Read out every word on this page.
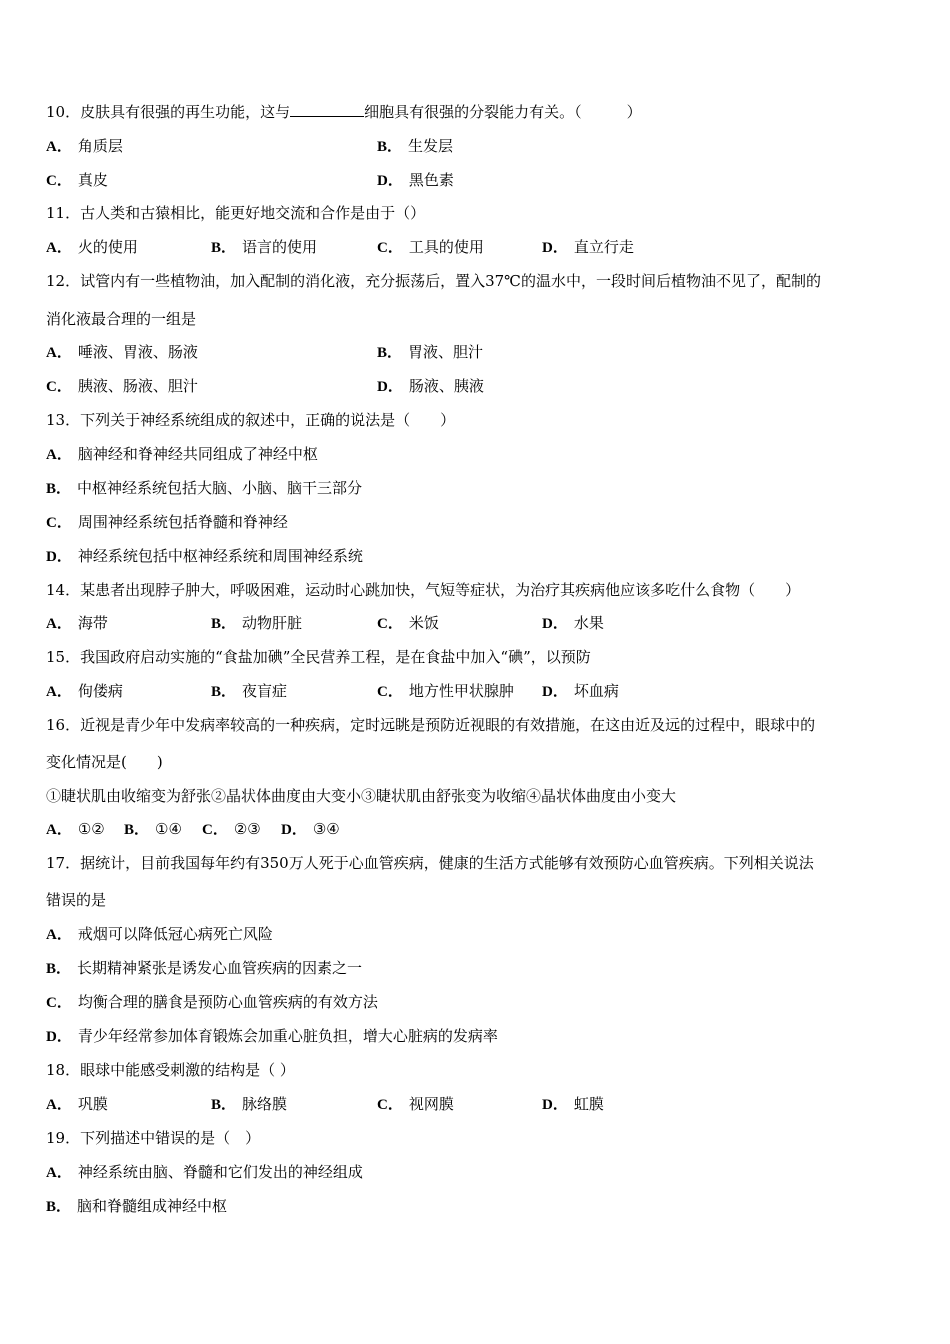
10．皮肤具有很强的再生功能，这与	细胞具有很强的分裂能力有关。（　　　）
A． 角质层	B． 生发层
C． 真皮	D． 黑色素
11．古人类和古猿相比，能更好地交流和合作是由于（）
A． 火的使用	B． 语言的使用	C． 工具的使用	D． 直立行走
12．试管内有一些植物油，加入配制的消化液，充分振荡后，置入37℃的温水中，一段时间后植物油不见了，配制的
消化液最合理的一组是
A． 唾液、胃液、肠液	B． 胃液、胆汁
C． 胰液、肠液、胆汁	D． 肠液、胰液
13．下列关于神经系统组成的叙述中，正确的说法是（　　）
A． 脑神经和脊神经共同组成了神经中枢
B． 中枢神经系统包括大脑、小脑、脑干三部分
C． 周围神经系统包括脊髓和脊神经
D． 神经系统包括中枢神经系统和周围神经系统
14．某患者出现脖子肿大，呼吸困难，运动时心跳加快，气短等症状，为治疗其疾病他应该多吃什么食物（　　）
A． 海带	B． 动物肝脏	C． 米饭	D． 水果
15．我国政府启动实施的“食盐加碘”全民营养工程，是在食盐中加入“碘”，以预防
A． 佝偻病	B． 夜盲症	C． 地方性甲状腺肿 D． 坏血病
16．近视是青少年中发病率较高的一种疾病，定时远眺是预防近视眼的有效措施，在这由近及远的过程中，眼球中的
变化情况是(　　)
①睫状肌由收缩变为舒张②晶状体曲度由大变小③睫状肌由舒张变为收缩④晶状体曲度由小变大
A． ①② B． ①④ C． ②③ D． ③④
17．据统计，目前我国每年约有350万人死于心血管疾病，健康的生活方式能够有效预防心血管疾病。下列相关说法
错误的是
A． 戒烟可以降低冠心病死亡风险
B． 长期精神紧张是诱发心血管疾病的因素之一
C． 均衡合理的膳食是预防心血管疾病的有效方法
D． 青少年经常参加体育锻炼会加重心脏负担，增大心脏病的发病率
18．眼球中能感受刺激的结构是（ ）
A． 巩膜	B． 脉络膜	C． 视网膜	D． 虹膜
19．下列描述中错误的是（　）
A． 神经系统由脑、脊髓和它们发出的神经组成
B． 脑和脊髓组成神经中枢
